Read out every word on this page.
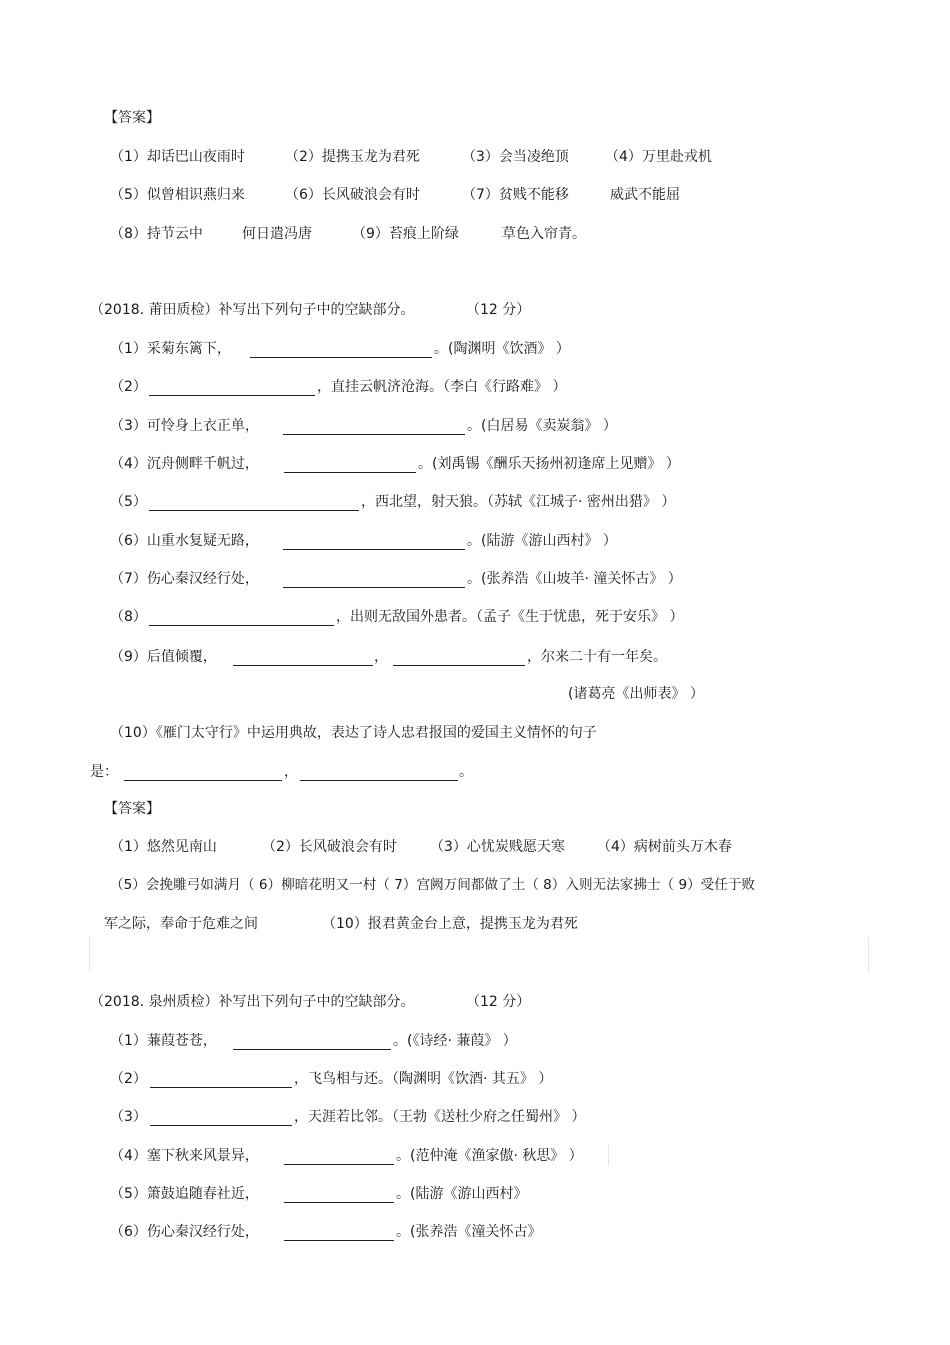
【答案】
（1）却话巴山夜雨时	（2）提携玉龙为君死	（3）会当凌绝顶	（4）万里赴戎机
（5）似曾相识燕归来	（6）长风破浪会有时	（7）贫贱不能移	威武不能屈
（8）持节云中	何日遣冯唐	（9）苔痕上阶绿	草色入帘青。
（2018. 莆田质检）补写出下列句子中的空缺部分。	（12 分）
（1）采菊东篱下，	。(陶渊明《饮酒》 ）
（2）	，直挂云帆济沧海。（李白《行路难》 ）
（3）可怜身上衣正单，	。(白居易《卖炭翁》 ）
（4）沉舟侧畔千帆过，	。(刘禹锡《酬乐天扬州初逢席上见赠》 ）
（5）	，西北望，射天狼。（苏轼《江城子· 密州出猎》 ）
（6）山重水复疑无路，	。(陆游《游山西村》 ）
（7）伤心秦汉经行处，	。(张养浩《山坡羊· 潼关怀古》 ）
（8）	，出则无敌国外患者。（孟子《生于忧患，死于安乐》 ）
（9）后值倾覆，	，	，尔来二十有一年矣。
(诸葛亮《出师表》 ）
（10）《雁门太守行》中运用典故，表达了诗人忠君报国的爱国主义情怀的句子
是：	，	。
【答案】
（1）悠然见南山	（2）长风破浪会有时 （3）心忧炭贱愿天寒 （4）病树前头万木春
（5）会挽雕弓如满月（ 6）柳暗花明又一村（ 7）宫阙万间都做了土（ 8）入则无法家拂士（ 9）受任于败
军之际，奉命于危难之间	（10）报君黄金台上意，提携玉龙为君死
（2018. 泉州质检）补写出下列句子中的空缺部分。	（12 分）
（1）蒹葭苍苍，	。(《诗经· 蒹葭》 ）
（2）	，飞鸟相与还。（陶渊明《饮酒· 其五》 ）
（3）	，天涯若比邻。（王勃《送杜少府之任蜀州》 ）
（4）塞下秋来风景异，	。(范仲淹《渔家傲· 秋思》 ）
（5）箫鼓追随春社近，	。(陆游《游山西村》
（6）伤心秦汉经行处，	。(张养浩《潼关怀古》
